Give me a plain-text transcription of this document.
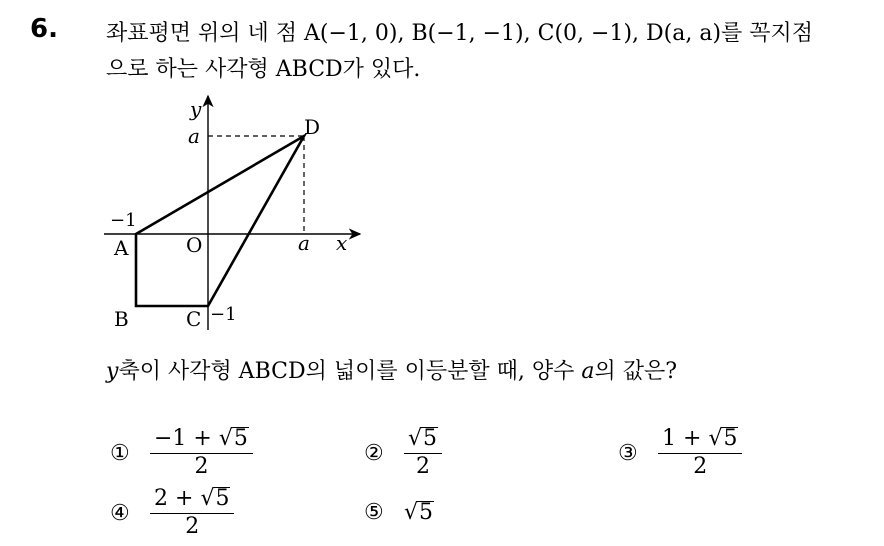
6. 좌표평면 위의 네 점 A(−1, 0), B(−1, −1), C(0, −1), D(a, a)를 꼭지점
으로 하는 사각형 ABCD가 있다.
y
x
a
a
−1
−1
O
A
B	C
D
y축이 사각형 ABCD의 넓이를 이등분할 때, 양수 a의 값은?
① $\frac{-1 + √ 5}{2}$	② $\frac{√ 5}{2}$	③ $\frac{1 + √ 5}{2}$
④ $\frac{2 + √ 5}{2}$	⑤ √ 5
